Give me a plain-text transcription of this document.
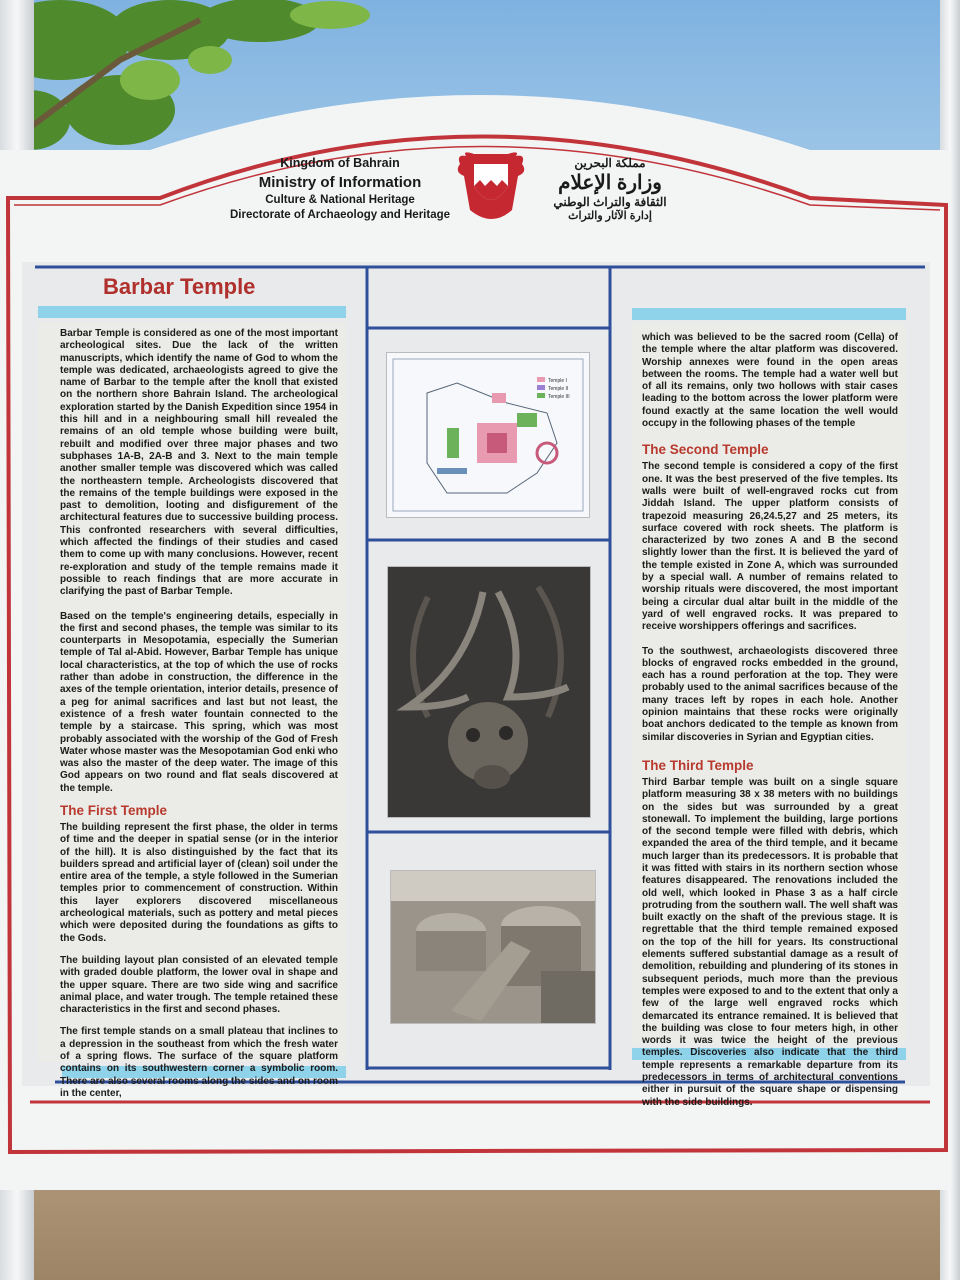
Kingdom of Bahrain
Ministry of Information
Culture & National Heritage
Directorate of Archaeology and Heritage
مملكة البحرين
وزارة الإعلام
الثقافة والتراث الوطني
إدارة الآثار والتراث
Barbar Temple
Barbar Temple is considered as one of the most important archeological sites. Due the lack of the written manuscripts, which identify the name of God to whom the temple was dedicated, archaeologists agreed to give the name of Barbar to the temple after the knoll that existed on the northern shore Bahrain Island. The archeological exploration started by the Danish Expedition since 1954 in this hill and in a neighbouring small hill revealed the remains of an old temple whose building were built, rebuilt and modified over three major phases and two subphases 1A-B, 2A-B and 3. Next to the main temple another smaller temple was discovered which was called the northeastern temple. Archeologists discovered that the remains of the temple buildings were exposed in the past to demolition, looting and disfigurement of the architectural features due to successive building process. This confronted researchers with several difficulties, which affected the findings of their studies and cased them to come up with many conclusions. However, recent re-exploration and study of the temple remains made it possible to reach findings that are more accurate in clarifying the past of Barbar Temple.
Based on the temple's engineering details, especially in the first and second phases, the temple was similar to its counterparts in Mesopotamia, especially the Sumerian temple of Tal al-Abid. However, Barbar Temple has unique local characteristics, at the top of which the use of rocks rather than adobe in construction, the difference in the axes of the temple orientation, interior details, presence of a peg for animal sacrifices and last but not least, the existence of a fresh water fountain connected to the temple by a staircase. This spring, which was most probably associated with the worship of the God of Fresh Water whose master was the Mesopotamian God enki who was also the master of the deep water. The image of this God appears on two round and flat seals discovered at the temple.
The First Temple
The building represent the first phase, the older in terms of time and the deeper in spatial sense (or in the interior of the hill). It is also distinguished by the fact that its builders spread and artificial layer of (clean) soil under the entire area of the temple, a style followed in the Sumerian temples prior to commencement of construction. Within this layer explorers discovered miscellaneous archeological materials, such as pottery and metal pieces which were deposited during the foundations as gifts to the Gods.
The building layout plan consisted of an elevated temple with graded double platform, the lower oval in shape and the upper square. There are two side wing and sacrifice animal place, and water trough. The temple retained these characteristics in the first and second phases.
The first temple stands on a small plateau that inclines to a depression in the southeast from which the fresh water of a spring flows. The surface of the square platform contains on its southwestern corner a symbolic room. There are also several rooms along the sides and on room in the center,
which was believed to be the sacred room (Cella) of the temple where the altar platform was discovered. Worship annexes were found in the open areas between the rooms. The temple had a water well but of all its remains, only two hollows with stair cases leading to the bottom across the lower platform were found exactly at the same location the well would occupy in the following phases of the temple
The Second Temple
The second temple is considered a copy of the first one. It was the best preserved of the five temples. Its walls were built of well-engraved rocks cut from Jiddah Island. The upper platform consists of trapezoid measuring 26,24.5,27 and 25 meters, its surface covered with rock sheets. The platform is characterized by two zones A and B the second slightly lower than the first. It is believed the yard of the temple existed in Zone A, which was surrounded by a special wall. A number of remains related to worship rituals were discovered, the most important being a circular dual altar built in the middle of the yard of well engraved rocks. It was prepared to receive worshippers offerings and sacrifices.
To the southwest, archaeologists discovered three blocks of engraved rocks embedded in the ground, each has a round perforation at the top. They were probably used to the animal sacrifices because of the many traces left by ropes in each hole. Another opinion maintains that these rocks were originally boat anchors dedicated to the temple as known from similar discoveries in Syrian and Egyptian cities.
The Third Temple
Third Barbar temple was built on a single square platform measuring 38 x 38 meters with no buildings on the sides but was surrounded by a great stonewall. To implement the building, large portions of the second temple were filled with debris, which expanded the area of the third temple, and it became much larger than its predecessors. It is probable that it was fitted with stairs in its northern section whose features disappeared. The renovations included the old well, which looked in Phase 3 as a half circle protruding from the southern wall. The well shaft was built exactly on the shaft of the previous stage. It is regrettable that the third temple remained exposed on the top of the hill for years. Its constructional elements suffered substantial damage as a result of demolition, rebuilding and plundering of its stones in subsequent periods, much more than the previous temples were exposed to and to the extent that only a few of the large well engraved rocks which demarcated its entrance remained. It is believed that the building was close to four meters high, in other words it was twice the height of the previous temples. Discoveries also indicate that the third temple represents a remarkable departure from its predecessors in terms of architectural conventions either in pursuit of the square shape or dispensing with the side buildings.
Temple I
Temple II
Temple III
